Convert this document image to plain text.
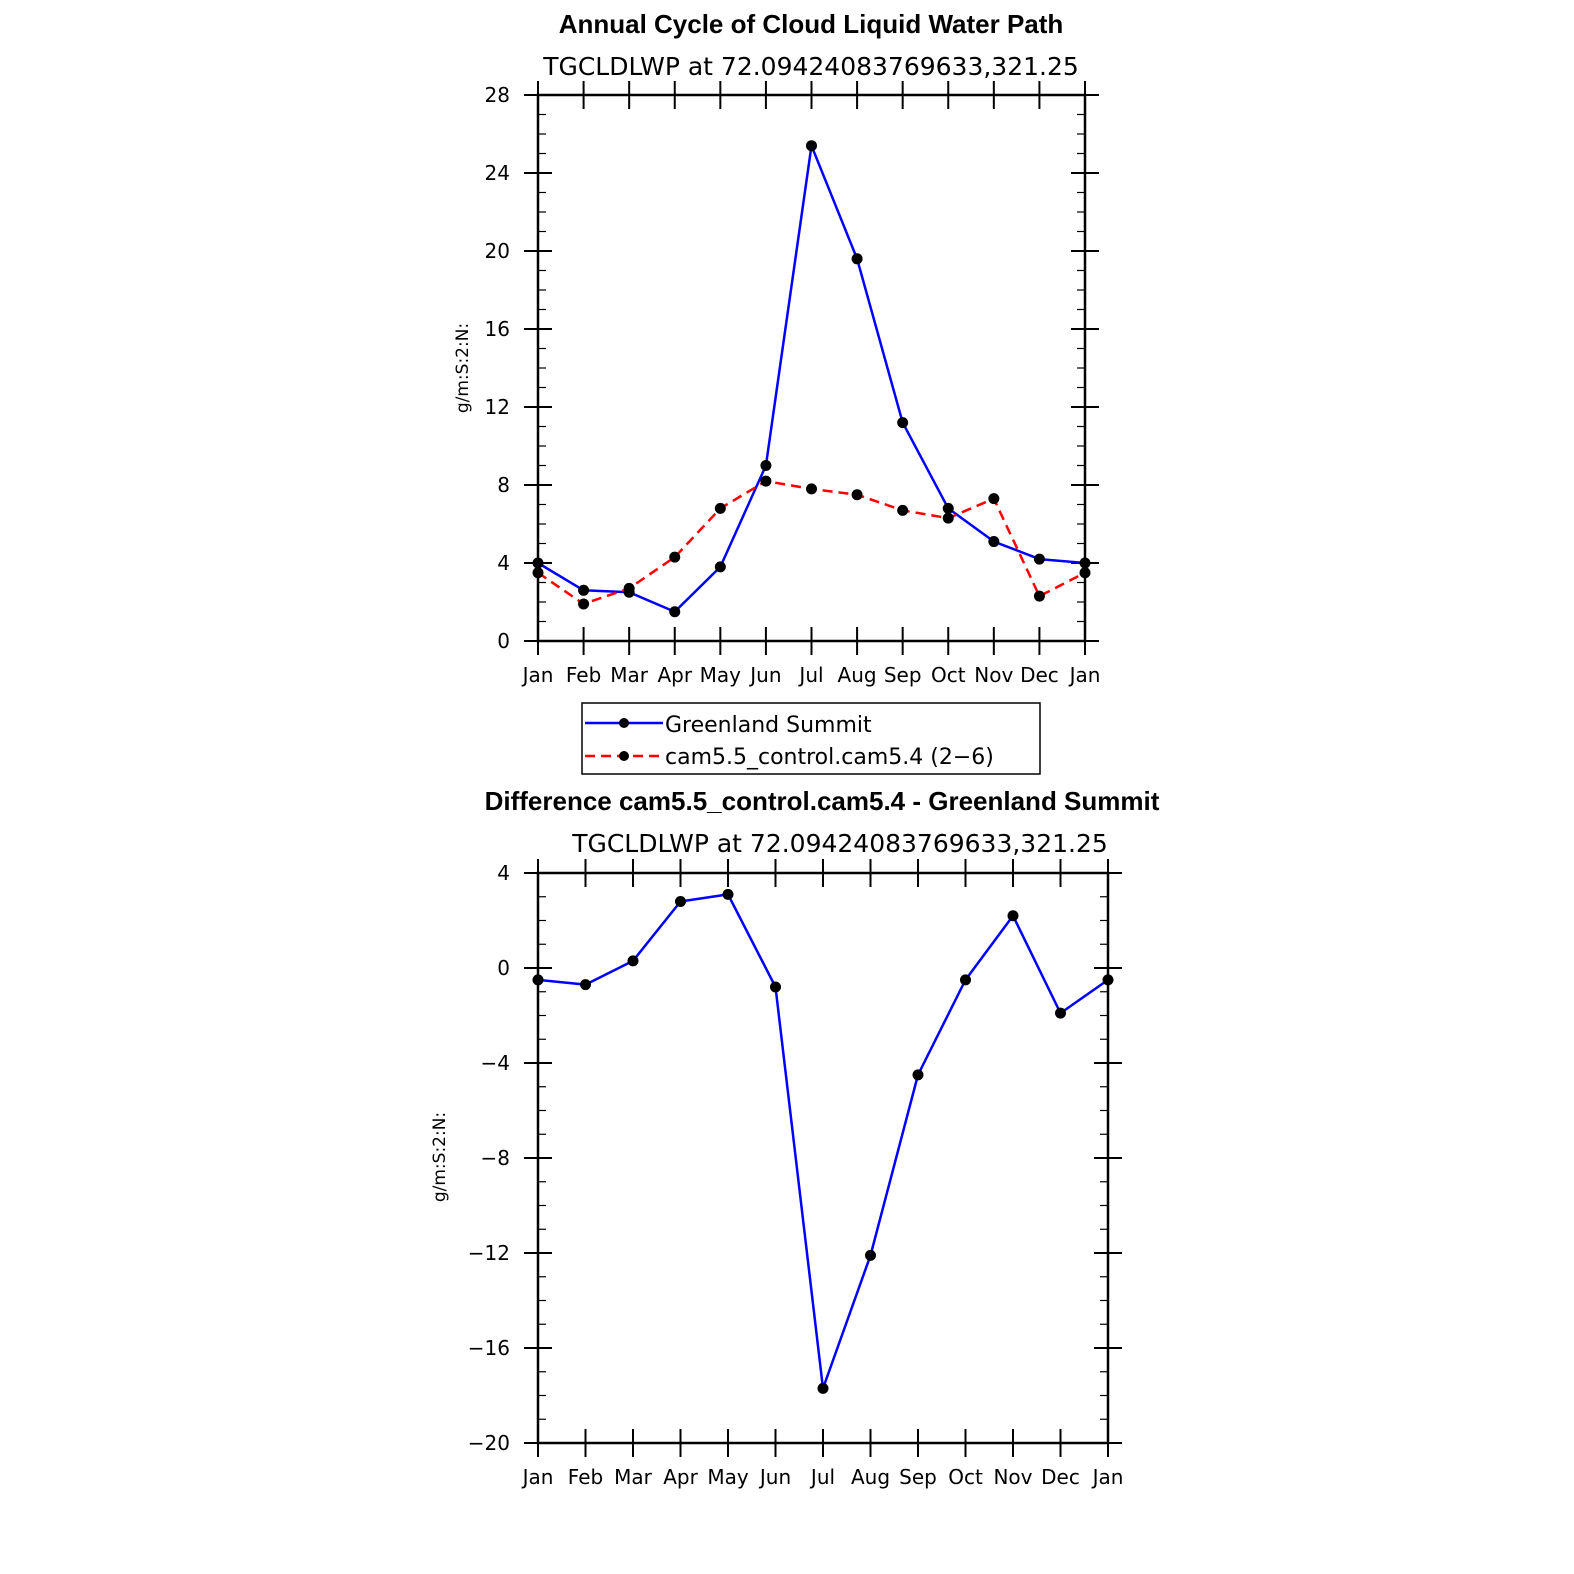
Annual Cycle of Cloud Liquid Water Path
TGCLDLWP at 72.09424083769633,321.25
g/m:S:2:N:
Jan Feb Mar Apr May Jun Jul Aug Sep Oct Nov Dec Jan
0
4
8
12
16
20
24
28
Greenland Summit
cam5.5_control.cam5.4 (2−6)
Difference cam5.5_control.cam5.4 - Greenland Summit
TGCLDLWP at 72.09424083769633,321.25
g/m:S:2:N:
Jan Feb Mar Apr May Jun Jul Aug Sep Oct Nov Dec Jan
−20
−16
−12
−8
−4
0
4
